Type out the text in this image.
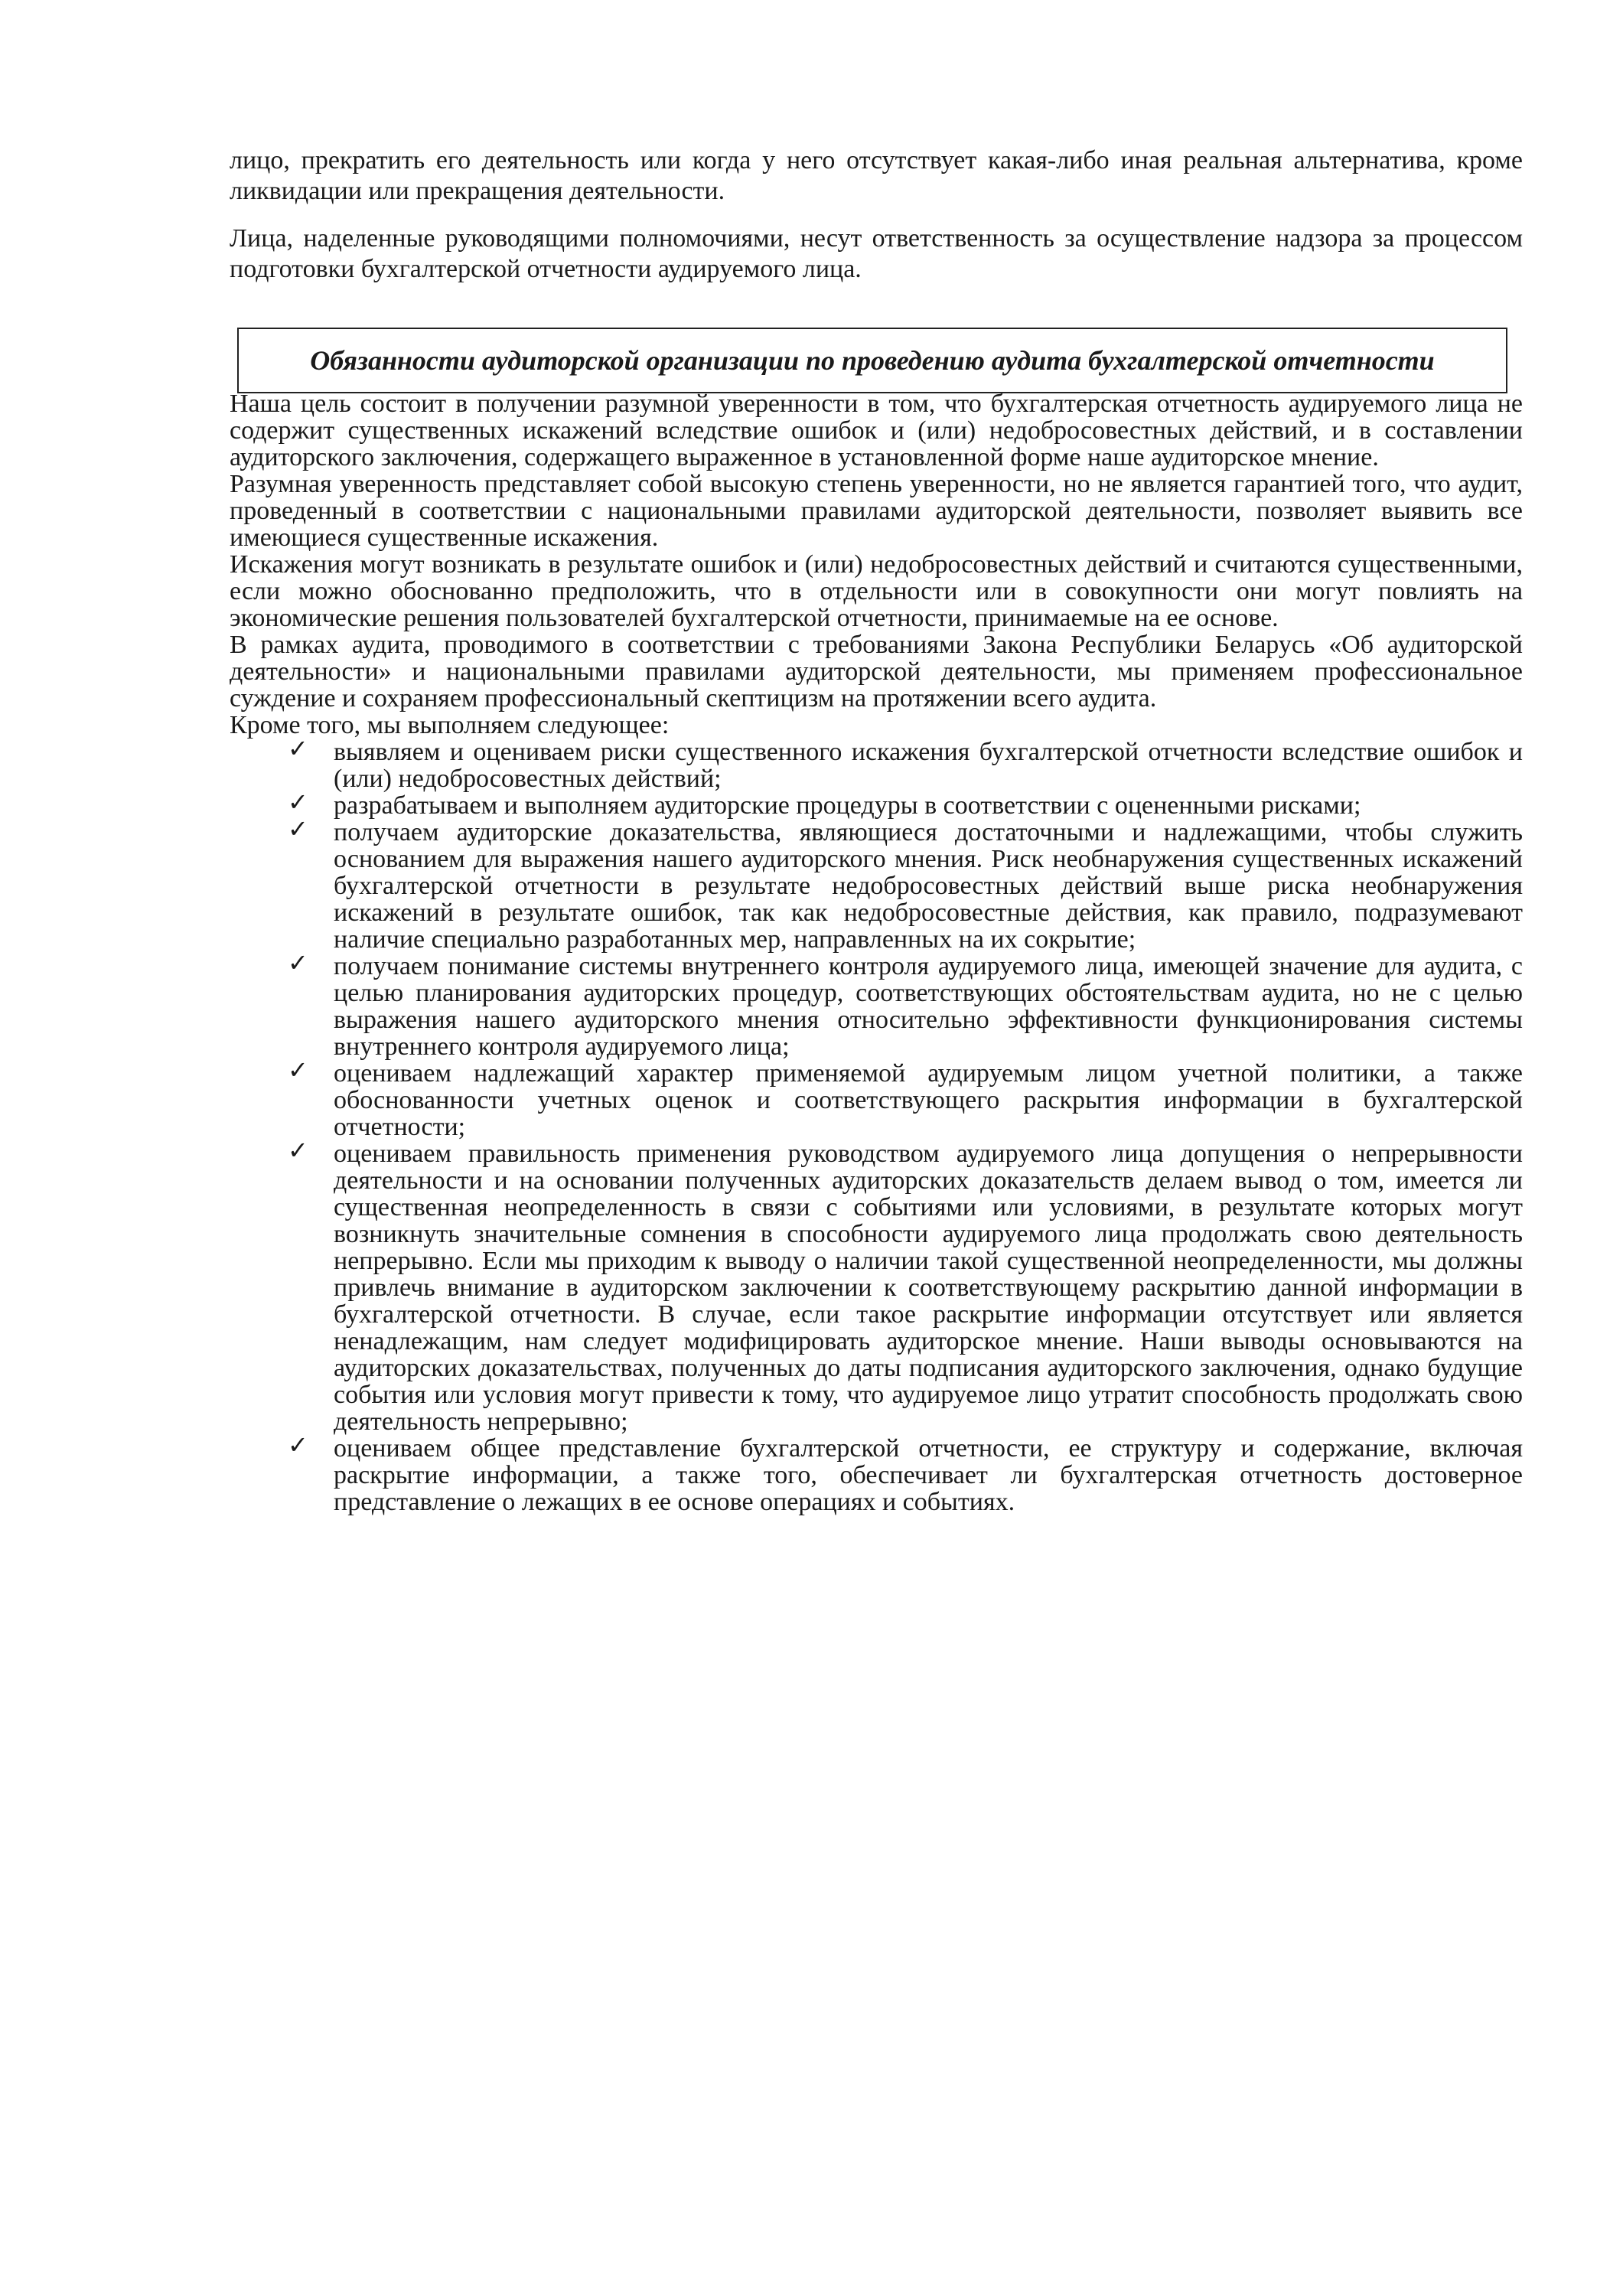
лицо, прекратить его деятельность или когда у него отсутствует какая-либо иная реальная альтернатива, кроме ликвидации или прекращения деятельности.

Лица, наделенные руководящими полномочиями, несут ответственность за осуществление надзора за процессом подготовки бухгалтерской отчетности аудируемого лица.

Обязанности аудиторской организации по проведению аудита бухгалтерской отчетности

Наша цель состоит в получении разумной уверенности в том, что бухгалтерская отчетность аудируемого лица не содержит существенных искажений вследствие ошибок и (или) недобросовестных действий, и в составлении аудиторского заключения, содержащего выраженное в установленной форме наше аудиторское мнение.

Разумная уверенность представляет собой высокую степень уверенности, но не является гарантией того, что аудит, проведенный в соответствии с национальными правилами аудиторской деятельности, позволяет выявить все имеющиеся существенные искажения.

Искажения могут возникать в результате ошибок и (или) недобросовестных действий и считаются существенными, если можно обоснованно предположить, что в отдельности или в совокупности они могут повлиять на экономические решения пользователей бухгалтерской отчетности, принимаемые на ее основе.

В рамках аудита, проводимого в соответствии с требованиями Закона Республики Беларусь «Об аудиторской деятельности» и национальными правилами аудиторской деятельности, мы применяем профессиональное суждение и сохраняем профессиональный скептицизм на протяжении всего аудита.

Кроме того, мы выполняем следующее:

✓ выявляем и оцениваем риски существенного искажения бухгалтерской отчетности вследствие ошибок и (или) недобросовестных действий;
✓ разрабатываем и выполняем аудиторские процедуры в соответствии с оцененными рисками;
✓ получаем аудиторские доказательства, являющиеся достаточными и надлежащими, чтобы служить основанием для выражения нашего аудиторского мнения. Риск необнаружения существенных искажений бухгалтерской отчетности в результате недобросовестных действий выше риска необнаружения искажений в результате ошибок, так как недобросовестные действия, как правило, подразумевают наличие специально разработанных мер, направленных на их сокрытие;
✓ получаем понимание системы внутреннего контроля аудируемого лица, имеющей значение для аудита, с целью планирования аудиторских процедур, соответствующих обстоятельствам аудита, но не с целью выражения нашего аудиторского мнения относительно эффективности функционирования системы внутреннего контроля аудируемого лица;
✓ оцениваем надлежащий характер применяемой аудируемым лицом учетной политики, а также обоснованности учетных оценок и соответствующего раскрытия информации в бухгалтерской отчетности;
✓ оцениваем правильность применения руководством аудируемого лица допущения о непрерывности деятельности и на основании полученных аудиторских доказательств делаем вывод о том, имеется ли существенная неопределенность в связи с событиями или условиями, в результате которых могут возникнуть значительные сомнения в способности аудируемого лица продолжать свою деятельность непрерывно. Если мы приходим к выводу о наличии такой существенной неопределенности, мы должны привлечь внимание в аудиторском заключении к соответствующему раскрытию данной информации в бухгалтерской отчетности. В случае, если такое раскрытие информации отсутствует или является ненадлежащим, нам следует модифицировать аудиторское мнение. Наши выводы основываются на аудиторских доказательствах, полученных до даты подписания аудиторского заключения, однако будущие события или условия могут привести к тому, что аудируемое лицо утратит способность продолжать свою деятельность непрерывно;
✓ оцениваем общее представление бухгалтерской отчетности, ее структуру и содержание, включая раскрытие информации, а также того, обеспечивает ли бухгалтерская отчетность достоверное представление о лежащих в ее основе операциях и событиях.
